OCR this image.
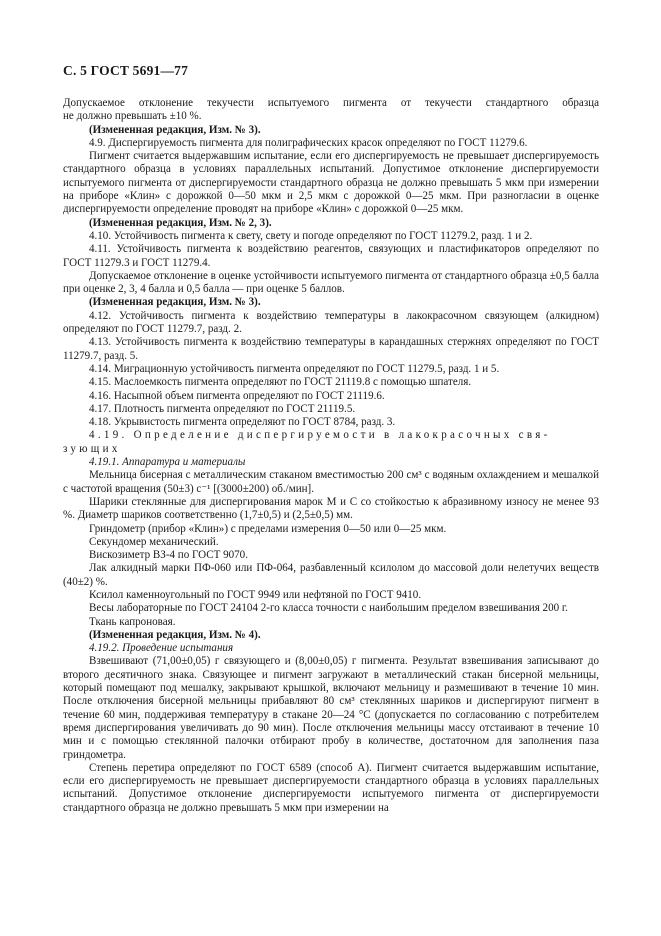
С. 5 ГОСТ 5691—77

Допускаемое отклонение текучести испытуемого пигмента от текучести стандартного образца

не должно превышать ±10 %.

(Измененная редакция, Изм. № 3).

4.9. Диспергируемость пигмента для полиграфических красок определяют по ГОСТ 11279.6.

Пигмент считается выдержавшим испытание, если его диспергируемость не превышает диспергируемость стандартного образца в условиях параллельных испытаний. Допустимое отклонение диспергируемости испытуемого пигмента от диспергируемости стандартного образца не должно превышать 5 мкм при измерении на приборе «Клин» с дорожкой 0—50 мкм и 2,5 мкм с дорожкой 0—25 мкм. При разногласии в оценке диспергируемости определение проводят на приборе «Клин» с дорожкой 0—25 мкм.

(Измененная редакция, Изм. № 2, 3).

4.10. Устойчивость пигмента к свету, свету и погоде определяют по ГОСТ 11279.2, разд. 1 и 2.

4.11. Устойчивость пигмента к воздействию реагентов, связующих и пластификаторов определяют по ГОСТ 11279.3 и ГОСТ 11279.4.

Допускаемое отклонение в оценке устойчивости испытуемого пигмента от стандартного образца ±0,5 балла при оценке 2, 3, 4 балла и 0,5 балла — при оценке 5 баллов.

(Измененная редакция, Изм. № 3).

4.12. Устойчивость пигмента к воздействию температуры в лакокрасочном связующем (алкидном) определяют по ГОСТ 11279.7, разд. 2.

4.13. Устойчивость пигмента к воздействию температуры в карандашных стержнях определяют по ГОСТ 11279.7, разд. 5.

4.14. Миграционную устойчивость пигмента определяют по ГОСТ 11279.5, разд. 1 и 5.

4.15. Маслоемкость пигмента определяют по ГОСТ 21119.8 с помощью шпателя.

4.16. Насыпной объем пигмента определяют по ГОСТ 21119.6.

4.17. Плотность пигмента определяют по ГОСТ 21119.5.

4.18. Укрывистость пигмента определяют по ГОСТ 8784, разд. 3.

4.19. Определение диспергируемости в лакокрасочных свя-

зующих

4.19.1. Аппаратура и материалы

Мельница бисерная с металлическим стаканом вместимостью 200 см³ с водяным охлаждением и мешалкой с частотой вращения (50±3) с⁻¹ [(3000±200) об./мин].

Шарики стеклянные для диспергирования марок М и С со стойкостью к абразивному износу не менее 93 %. Диаметр шариков соответственно (1,7±0,5) и (2,5±0,5) мм.

Гриндометр (прибор «Клин») с пределами измерения 0—50 или 0—25 мкм.

Секундомер механический.

Вискозиметр ВЗ-4 по ГОСТ 9070.

Лак алкидный марки ПФ-060 или ПФ-064, разбавленный ксилолом до массовой доли нелетучих веществ (40±2) %.

Ксилол каменноугольный по ГОСТ 9949 или нефтяной по ГОСТ 9410.

Весы лабораторные по ГОСТ 24104 2-го класса точности с наибольшим пределом взвешивания 200 г.

Ткань капроновая.

(Измененная редакция, Изм. № 4).

4.19.2. Проведение испытания

Взвешивают (71,00±0,05) г связующего и (8,00±0,05) г пигмента. Результат взвешивания записывают до второго десятичного знака. Связующее и пигмент загружают в металлический стакан бисерной мельницы, который помещают под мешалку, закрывают крышкой, включают мельницу и размешивают в течение 10 мин. После отключения бисерной мельницы прибавляют 80 см³ стеклянных шариков и диспергируют пигмент в течение 60 мин, поддерживая температуру в стакане 20—24 °С (допускается по согласованию с потребителем время диспергирования увеличивать до 90 мин). После отключения мельницы массу отстаивают в течение 10 мин и с помощью стеклянной палочки отбирают пробу в количестве, достаточном для заполнения паза гриндометра.

Степень перетира определяют по ГОСТ 6589 (способ А). Пигмент считается выдержавшим испытание, если его диспергируемость не превышает диспергируемости стандартного образца в условиях параллельных испытаний. Допустимое отклонение диспергируемости испытуемого пигмента от диспергируемости стандартного образца не должно превышать 5 мкм при измерении на
